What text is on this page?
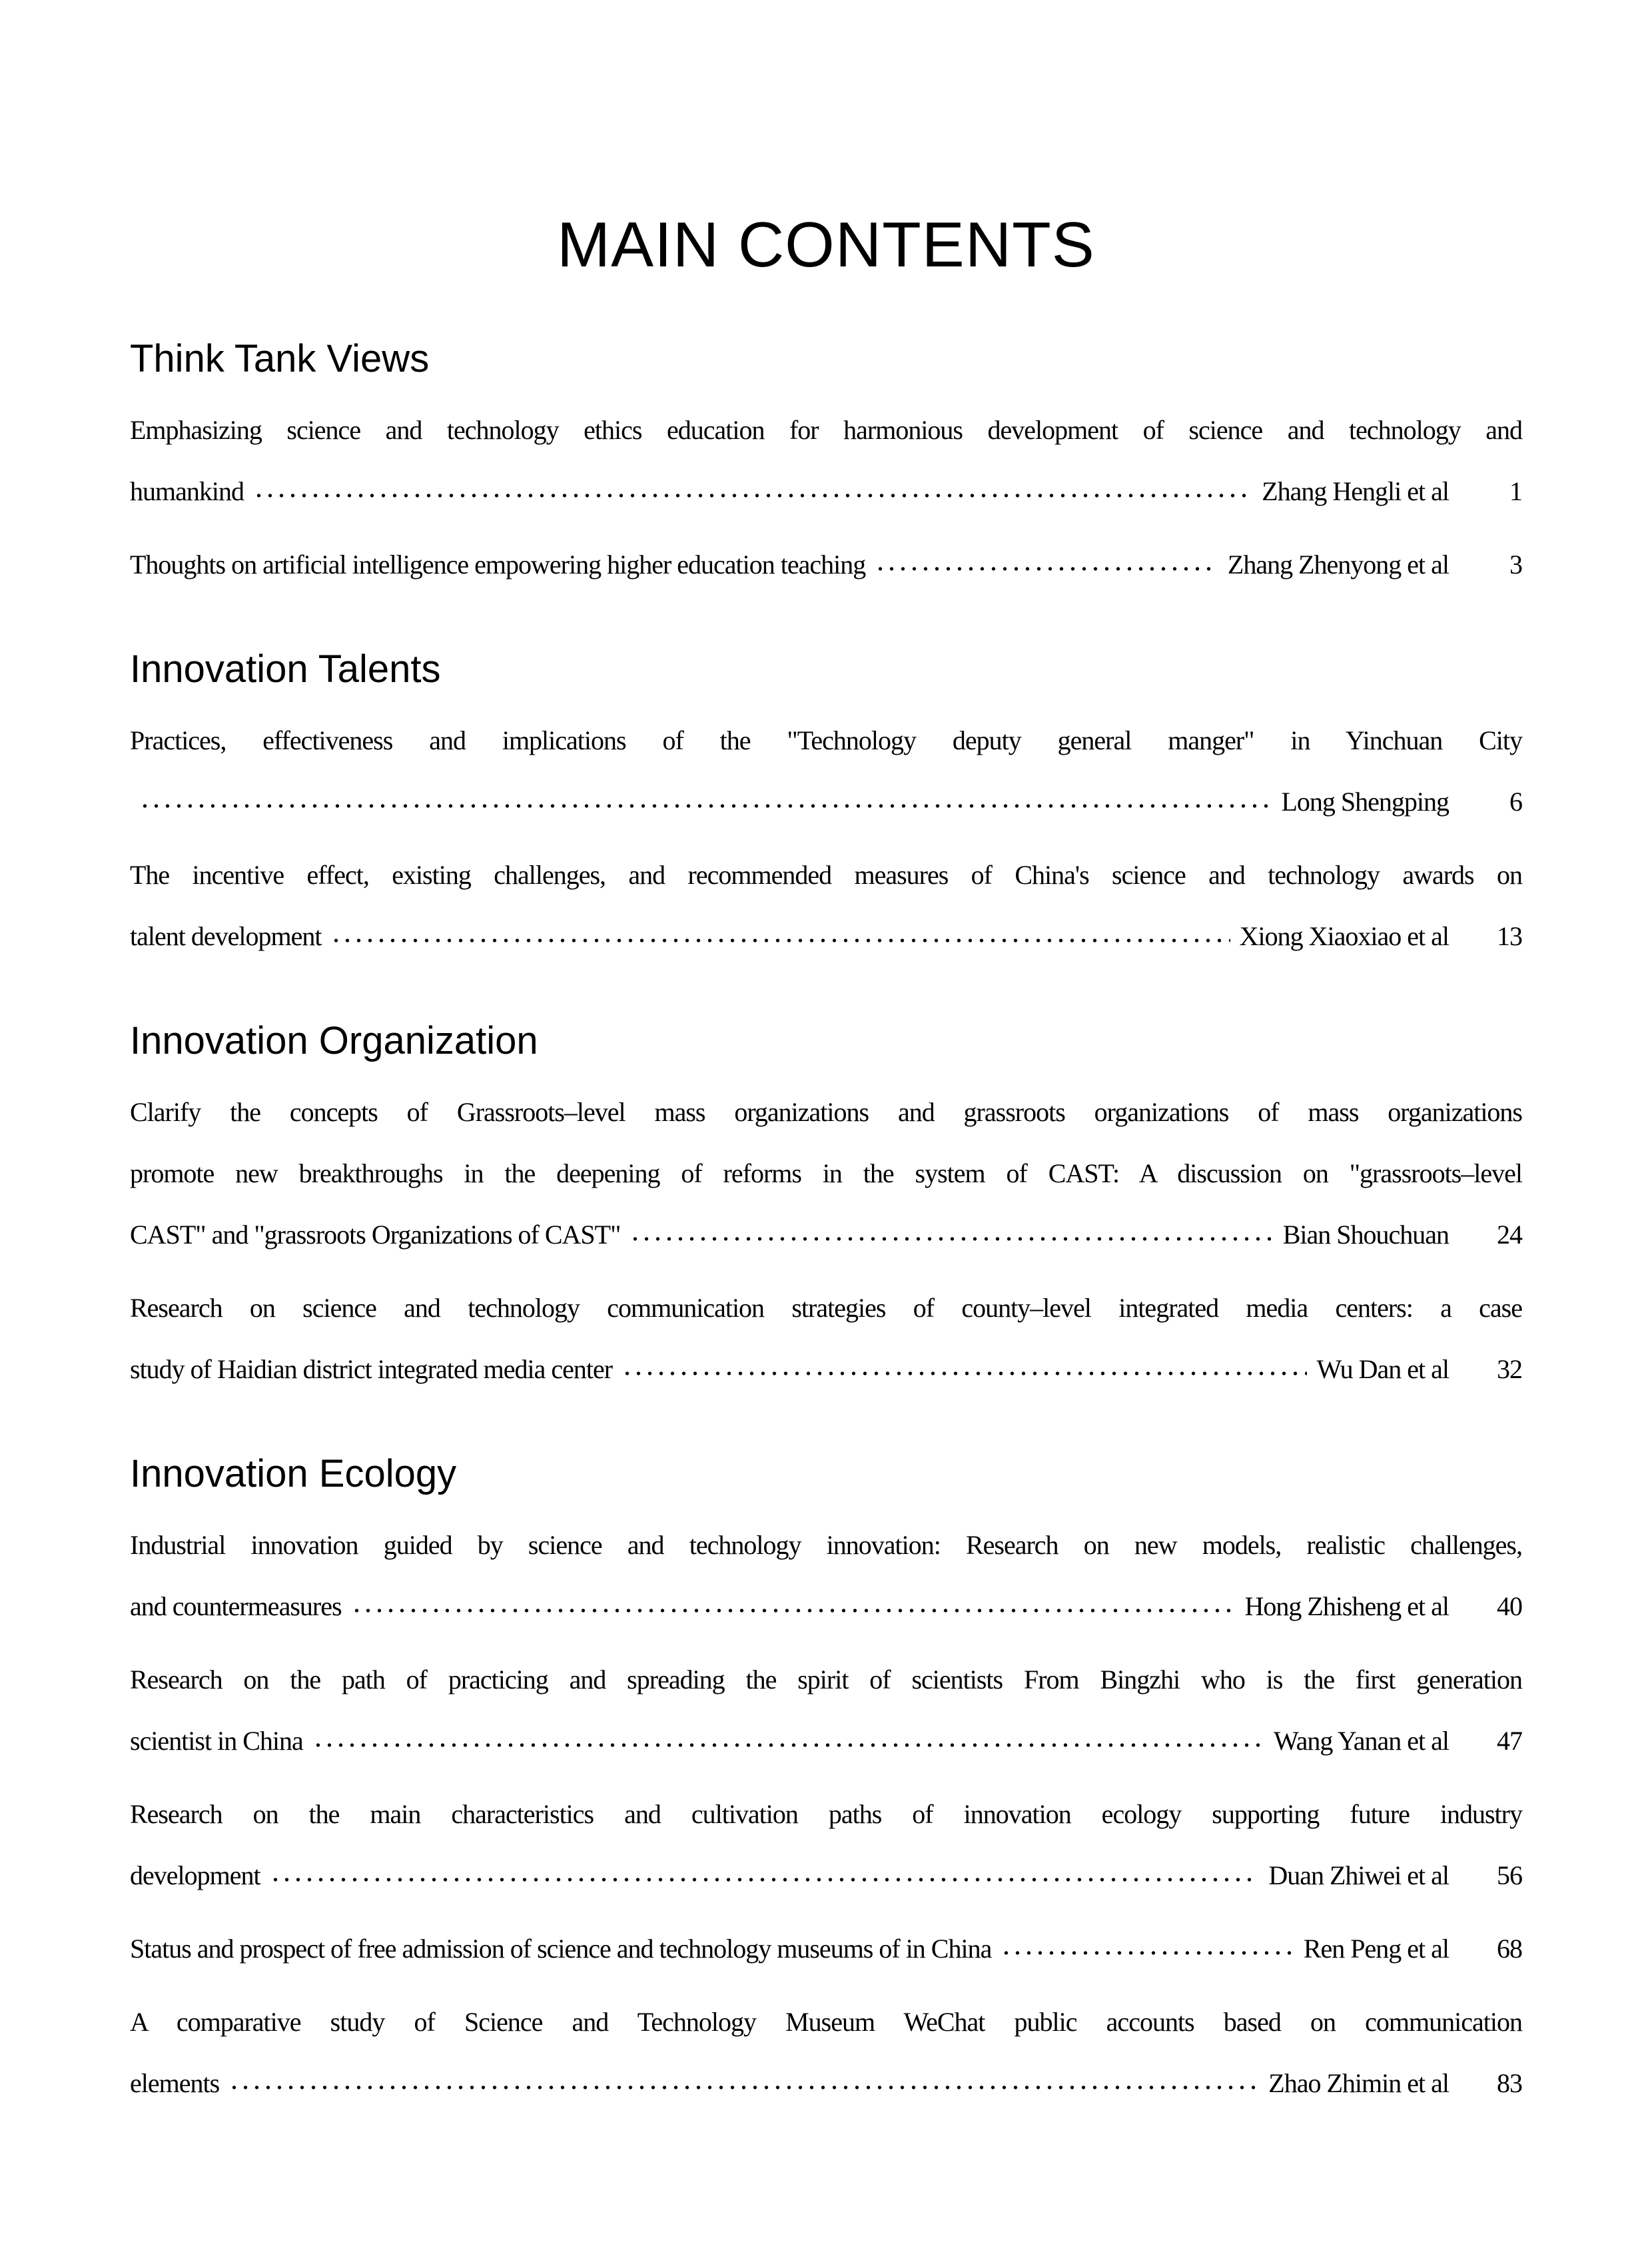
MAIN CONTENTS
Think Tank Views
Emphasizing science and technology ethics education for harmonious development of science and technology and
humankind	Zhang Hengli et al	1
Thoughts on artificial intelligence empowering higher education teaching	Zhang Zhenyong et al	3
Innovation Talents
Practices, effectiveness and implications of the "Technology deputy general manger" in Yinchuan City
Long Shengping	6
The incentive effect, existing challenges, and recommended measures of China's science and technology awards on
talent development	Xiong Xiaoxiao et al	13
Innovation Organization
Clarify the concepts of Grassroots–level mass organizations and grassroots organizations of mass organizations
promote new breakthroughs in the deepening of reforms in the system of CAST: A discussion on "grassroots–level
CAST" and "grassroots Organizations of CAST"	Bian Shouchuan	24
Research on science and technology communication strategies of county–level integrated media centers: a case
study of Haidian district integrated media center	Wu Dan et al	32
Innovation Ecology
Industrial innovation guided by science and technology innovation: Research on new models, realistic challenges,
and countermeasures	Hong Zhisheng et al	40
Research on the path of practicing and spreading the spirit of scientists From Bingzhi who is the first generation
scientist in China	Wang Yanan et al	47
Research on the main characteristics and cultivation paths of innovation ecology supporting future industry
development	Duan Zhiwei et al	56
Status and prospect of free admission of science and technology museums of in China	Ren Peng et al	68
A comparative study of Science and Technology Museum WeChat public accounts based on communication
elements	Zhao Zhimin et al	83
